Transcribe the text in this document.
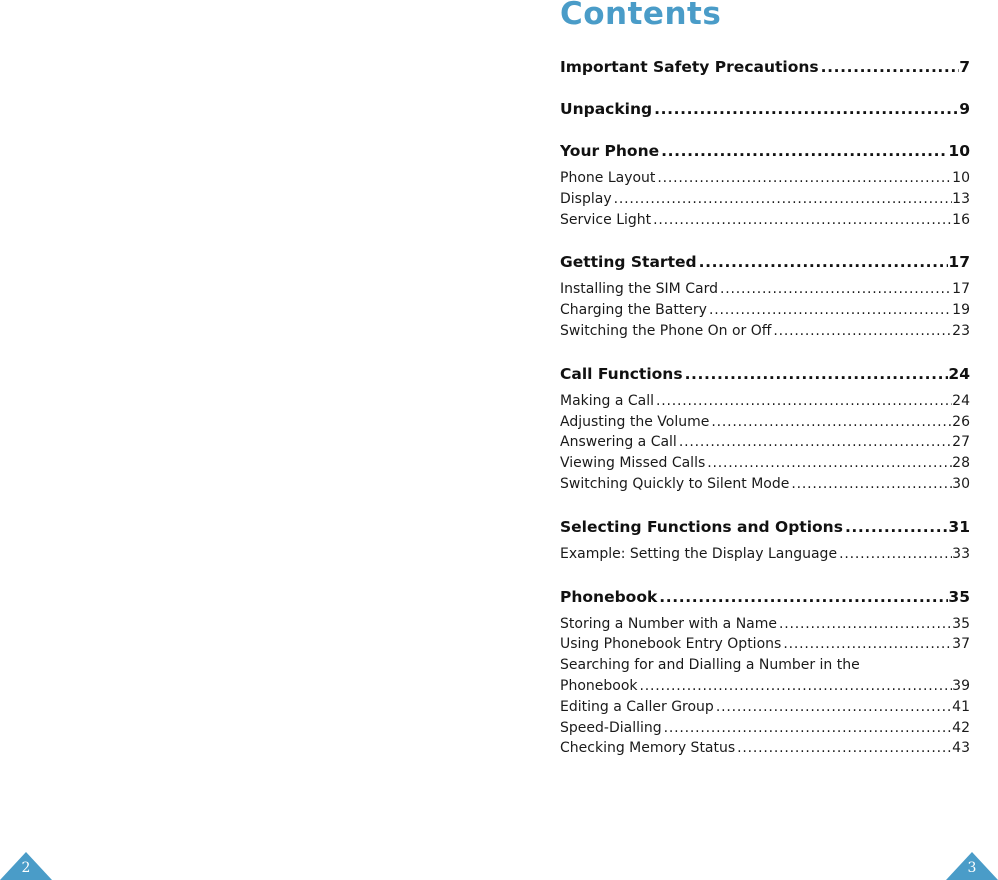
Contents
Important Safety Precautions .....	7
Unpacking .....	9
Your Phone .....	10
Phone Layout .....	10
Display .....	13
Service Light .....	16
Getting Started .....	17
Installing the SIM Card .....	17
Charging the Battery .....	19
Switching the Phone On or Off .....	23
Call Functions .....	24
Making a Call .....	24
Adjusting the Volume .....	26
Answering a Call .....	27
Viewing Missed Calls .....	28
Switching Quickly to Silent Mode .....	30
Selecting Functions and Options .....	31
Example: Setting the Display Language .....	33
Phonebook .....	35
Storing a Number with a Name .....	35
Using Phonebook Entry Options .....	37
Searching for and Dialling a Number in the
Phonebook .....	39
Editing a Caller Group .....	41
Speed-Dialling .....	42
Checking Memory Status .....	43
2	3
